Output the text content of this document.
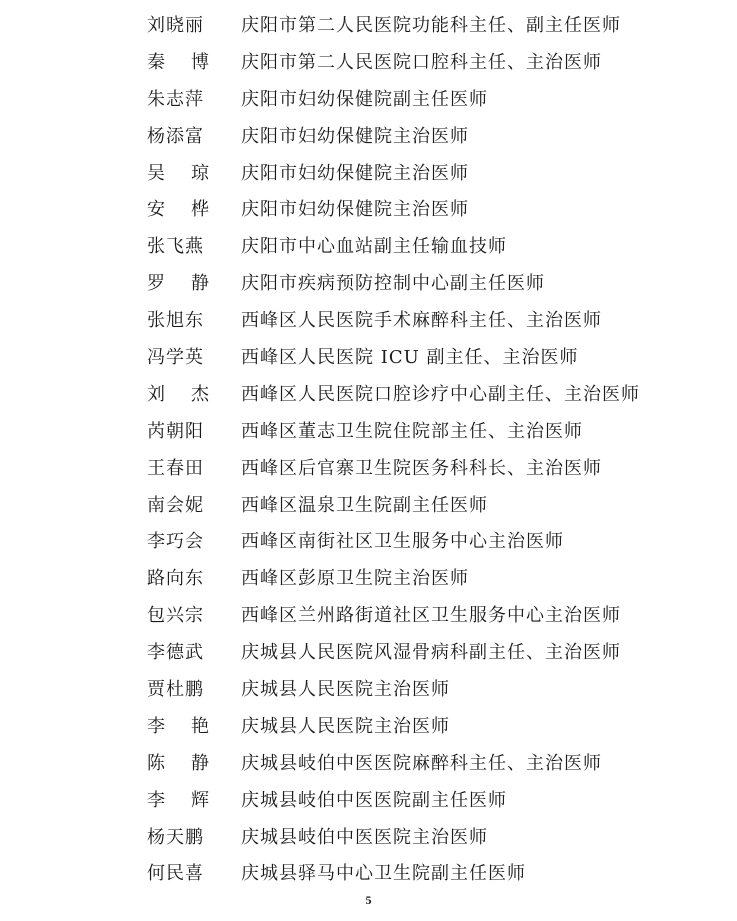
刘晓丽	庆阳市第二人民医院功能科主任、副主任医师
秦 博 庆阳市第二人民医院口腔科主任、主治医师
朱志萍	庆阳市妇幼保健院副主任医师
杨添富	庆阳市妇幼保健院主治医师
吴 琼 庆阳市妇幼保健院主治医师
安 桦 庆阳市妇幼保健院主治医师
张飞燕	庆阳市中心血站副主任输血技师
罗 静 庆阳市疾病预防控制中心副主任医师
张旭东	西峰区人民医院手术麻醉科主任、主治医师
冯学英	西峰区人民医院 ICU 副主任、主治医师
刘 杰 西峰区人民医院口腔诊疗中心副主任、主治医师
芮朝阳	西峰区董志卫生院住院部主任、主治医师
王春田	西峰区后官寨卫生院医务科科长、主治医师
南会妮	西峰区温泉卫生院副主任医师
李巧会	西峰区南街社区卫生服务中心主治医师
路向东	西峰区彭原卫生院主治医师
包兴宗	西峰区兰州路街道社区卫生服务中心主治医师
李德武	庆城县人民医院风湿骨病科副主任、主治医师
贾杜鹏	庆城县人民医院主治医师
李 艳 庆城县人民医院主治医师
陈 静 庆城县岐伯中医医院麻醉科主任、主治医师
李 辉 庆城县岐伯中医医院副主任医师
杨天鹏	庆城县岐伯中医医院主治医师
何民喜	庆城县驿马中心卫生院副主任医师
5
